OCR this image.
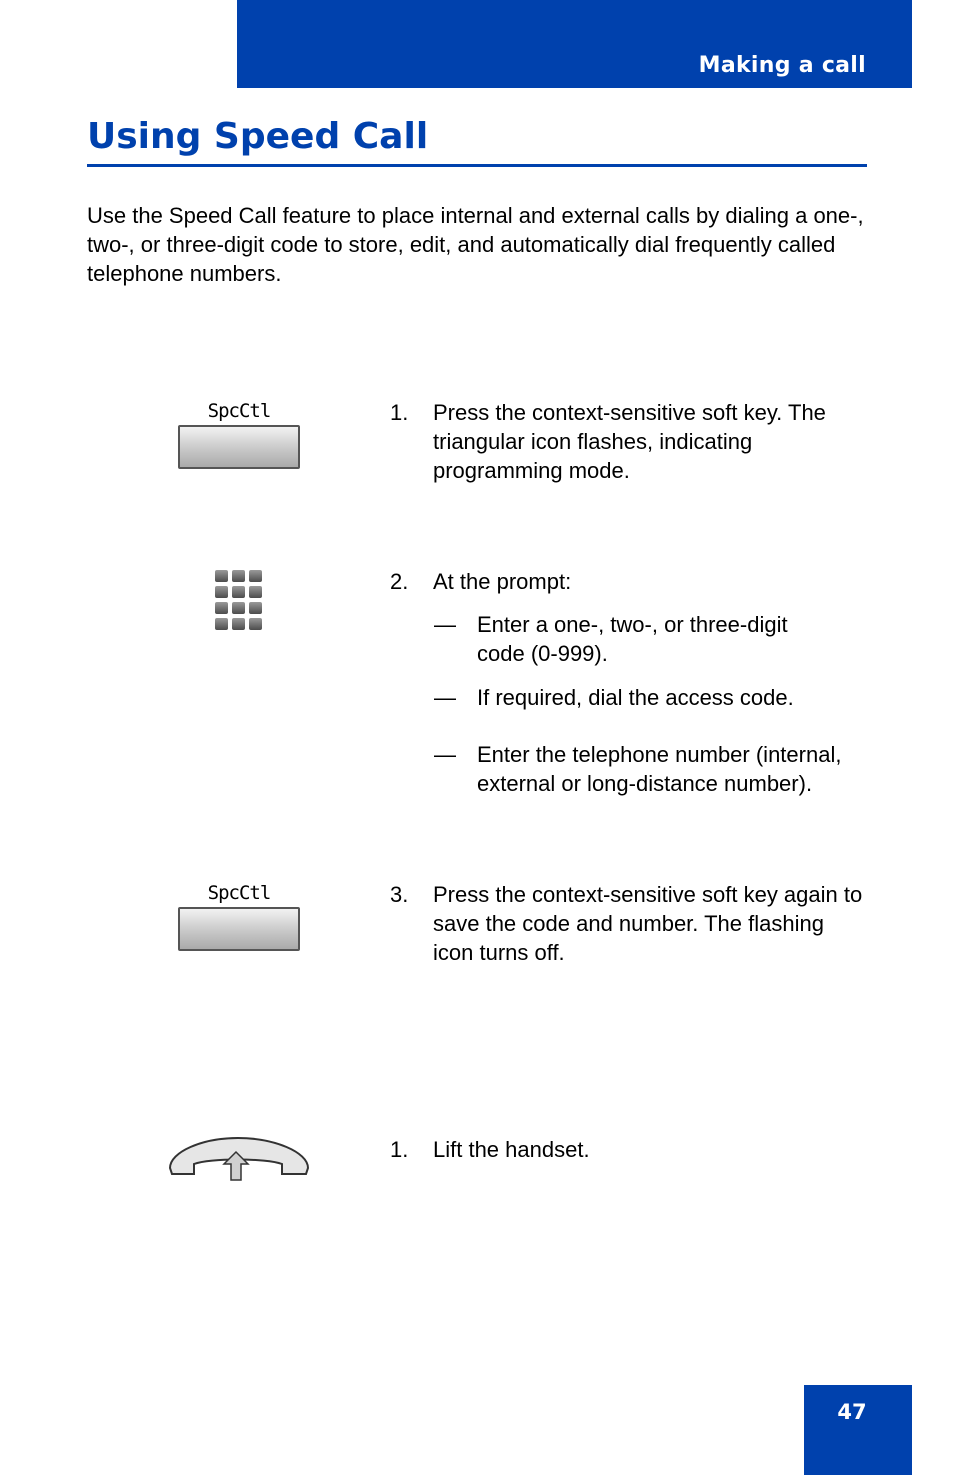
Making a call
Using Speed Call

Use the Speed Call feature to place internal and external calls by dialing a one-, two-, or three-digit code to store, edit, and automatically dial frequently called telephone numbers.

SpcCtl	1. Press the context-sensitive soft key. The triangular icon flashes, indicating programming mode.
2. At the prompt:
— Enter a one-, two-, or three-digit code (0-999).
— If required, dial the access code.
— Enter the telephone number (internal, external or long-distance number).
SpcCtl	3. Press the context-sensitive soft key again to save the code and number. The flashing icon turns off.
1. Lift the handset.
47
